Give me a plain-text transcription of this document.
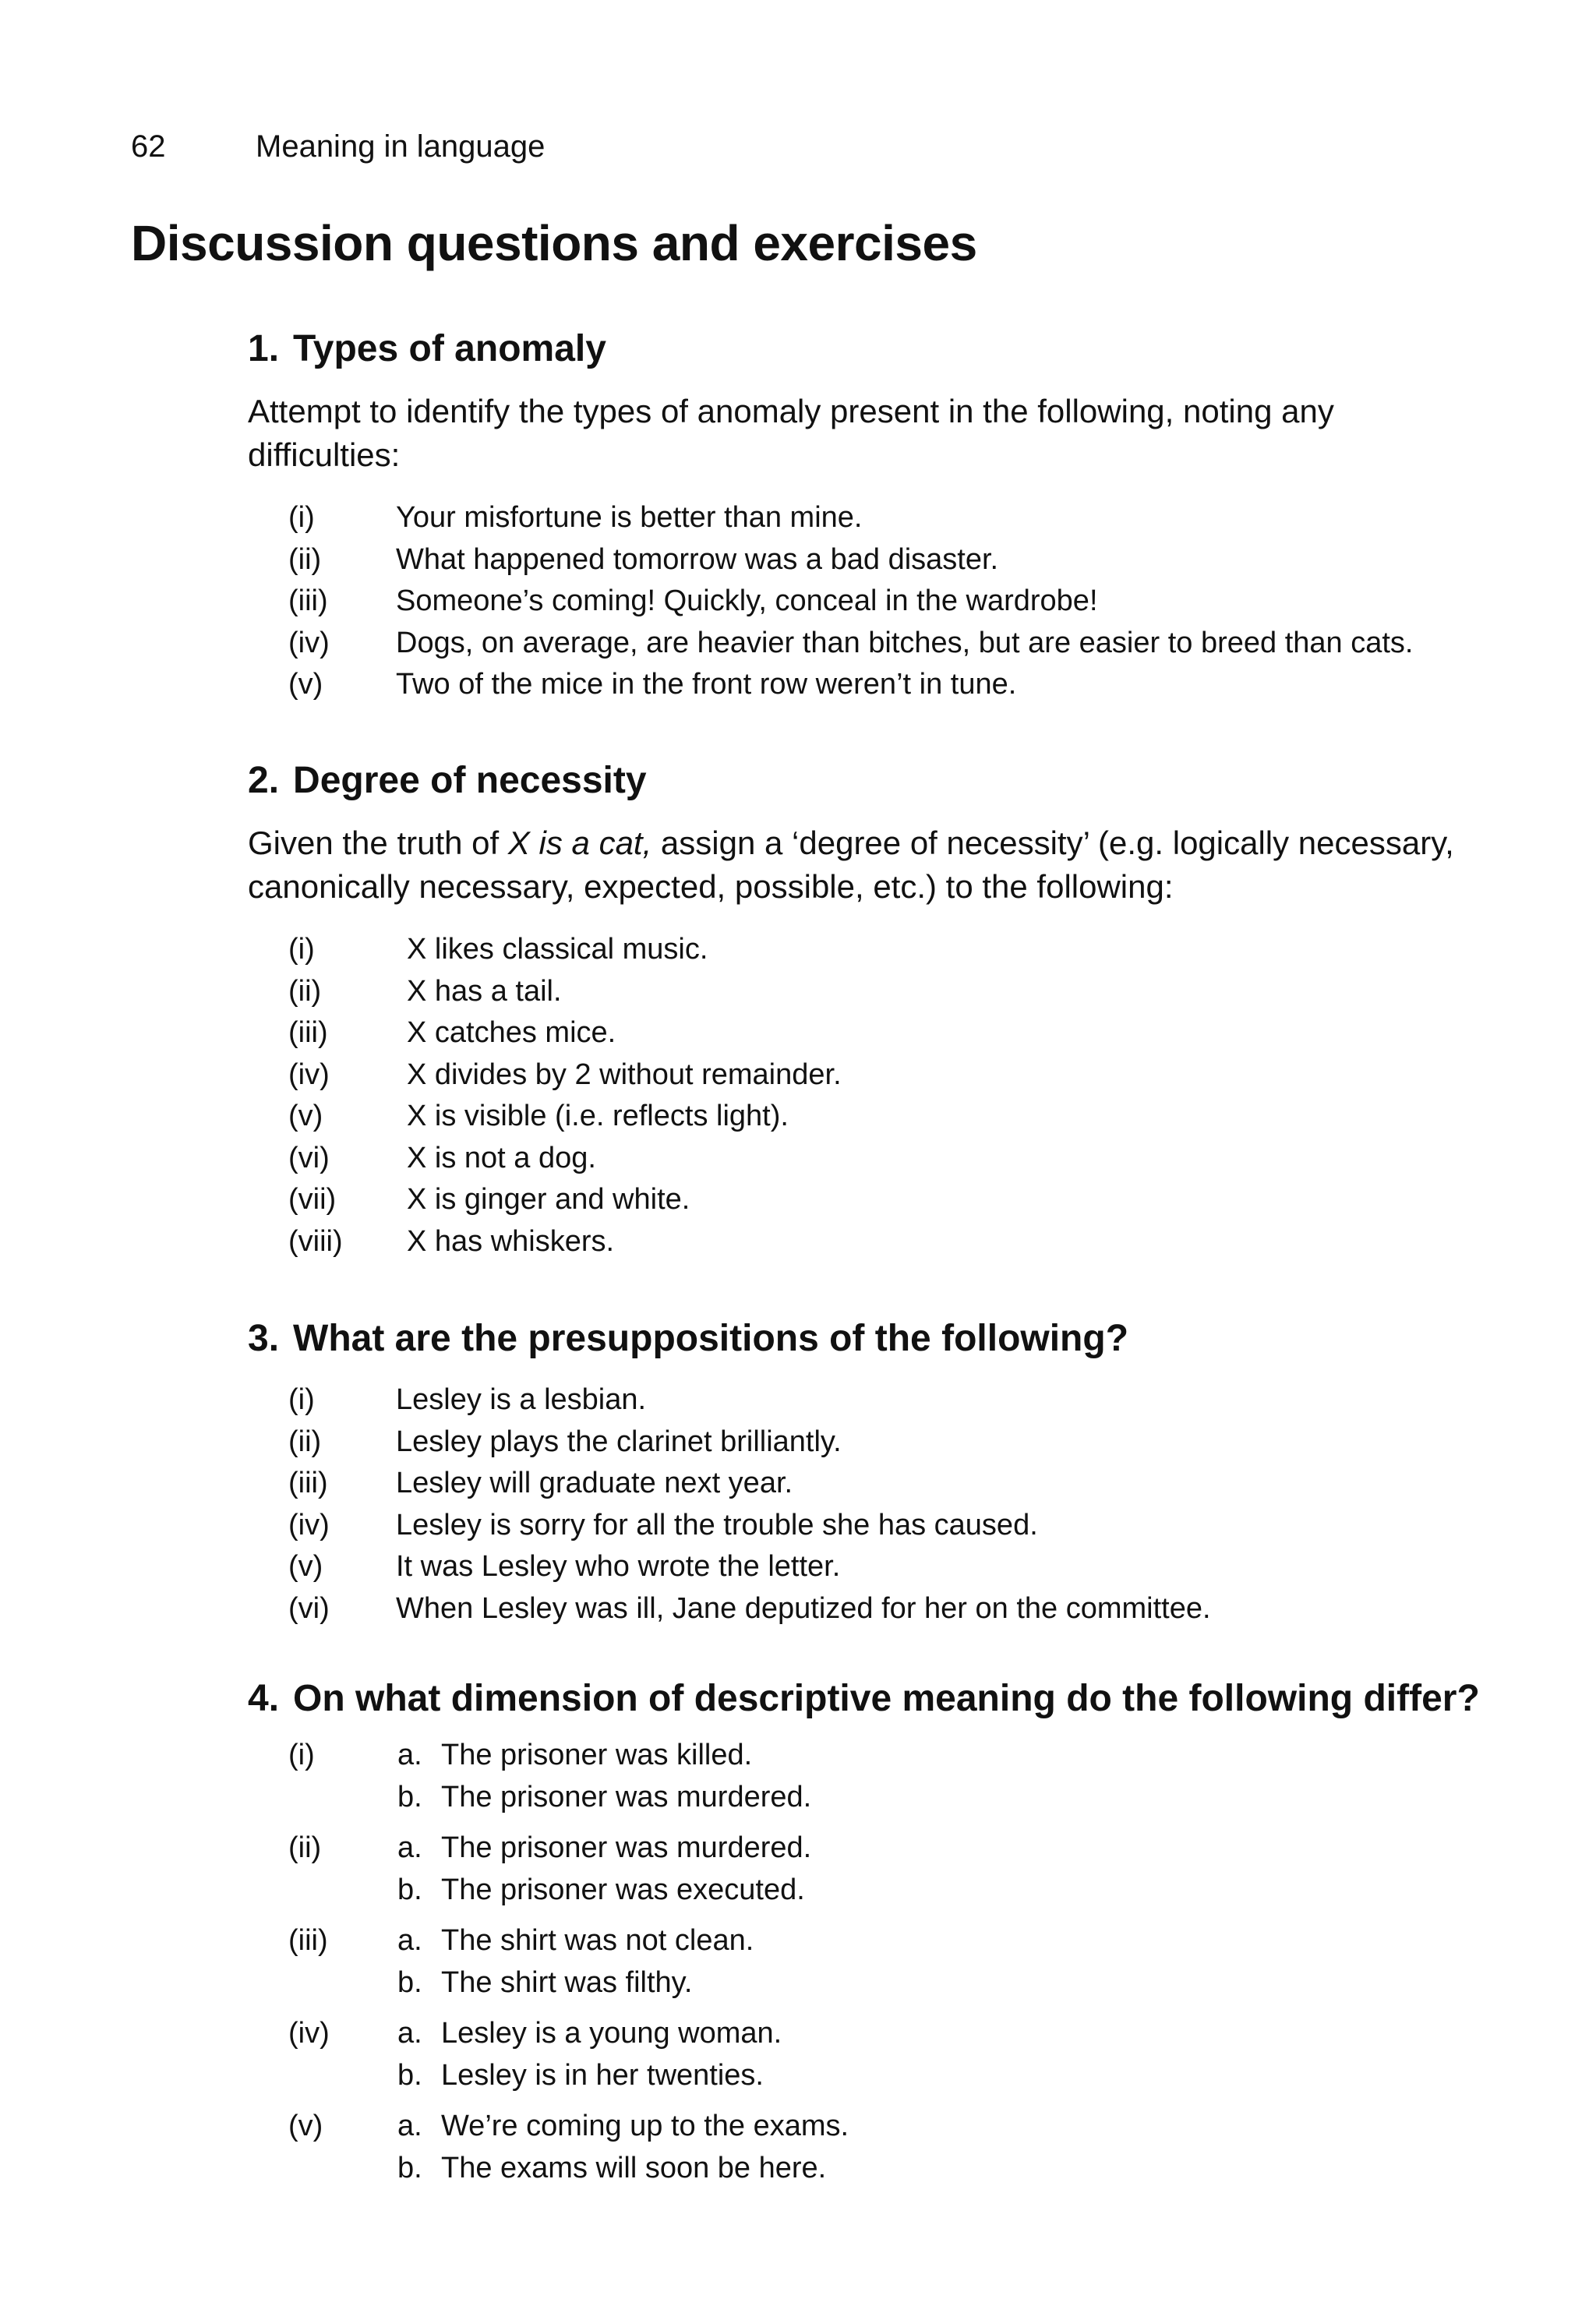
62	Meaning in language
Discussion questions and exercises
1. Types of anomaly

Attempt to identify the types of anomaly present in the following, noting any difficulties:

(i)	Your misfortune is better than mine.
(ii)	What happened tomorrow was a bad disaster.
(iii)	Someone’s coming! Quickly, conceal in the wardrobe!
(iv)	Dogs, on average, are heavier than bitches, but are easier to breed than cats.
(v)	Two of the mice in the front row weren’t in tune.
2. Degree of necessity

Given the truth of X is a cat, assign a ‘degree of necessity’ (e.g. logically necessary, canonically necessary, expected, possible, etc.) to the following:

(i)	X likes classical music.
(ii)	X has a tail.
(iii)	X catches mice.
(iv)	X divides by 2 without remainder.
(v)	X is visible (i.e. reflects light).
(vi)	X is not a dog.
(vii)	X is ginger and white.
(viii)	X has whiskers.
3. What are the presuppositions of the following?
(i)	Lesley is a lesbian.
(ii)	Lesley plays the clarinet brilliantly.
(iii)	Lesley will graduate next year.
(iv)	Lesley is sorry for all the trouble she has caused.
(v)	It was Lesley who wrote the letter.
(vi)	When Lesley was ill, Jane deputized for her on the committee.
4. On what dimension of descriptive meaning do the following differ?
(i)	a. The prisoner was killed.
b. The prisoner was murdered.
(ii)	a. The prisoner was murdered.
b. The prisoner was executed.
(iii)	a. The shirt was not clean.
b. The shirt was filthy.
(iv)	a. Lesley is a young woman.
b. Lesley is in her twenties.
(v)	a. We’re coming up to the exams.
b. The exams will soon be here.
